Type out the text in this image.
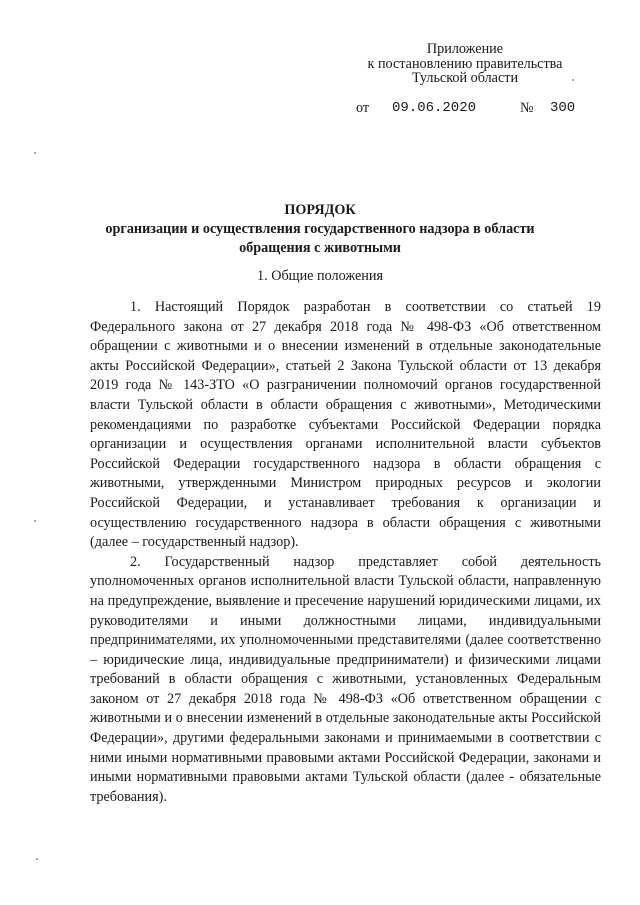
Приложение
к постановлению правительства
Тульской области
от 09.06.2020	№ 300
ПОРЯДОК
организации и осуществления государственного надзора в области
обращения с животными
1. Общие положения

1. Настоящий Порядок разработан в соответствии со статьей 19 Федерального закона от 27 декабря 2018 года № 498-ФЗ «Об ответственном обращении с животными и о внесении изменений в отдельные законодательные акты Российской Федерации», статьей 2 Закона Тульской области от 13 декабря 2019 года № 143-ЗТО «О разграничении полномочий органов государственной власти Тульской области в области обращения с животными», Методическими рекомендациями по разработке субъектами Российской Федерации порядка организации и осуществления органами исполнительной власти субъектов Российской Федерации государственного надзора в области обращения с животными, утвержденными Министром природных ресурсов и экологии Российской Федерации, и устанавливает требования к организации и осуществлению государственного надзора в области обращения с животными (далее – государственный надзор).

2. Государственный надзор представляет собой деятельность уполномоченных органов исполнительной власти Тульской области, направленную на предупреждение, выявление и пресечение нарушений юридическими лицами, их руководителями и иными должностными лицами, индивидуальными предпринимателями, их уполномоченными представителями (далее соответственно – юридические лица, индивидуальные предприниматели) и физическими лицами требований в области обращения с животными, установленных Федеральным законом от 27 декабря 2018 года № 498-ФЗ «Об ответственном обращении с животными и о внесении изменений в отдельные законодательные акты Российской Федерации», другими федеральными законами и принимаемыми в соответствии с ними иными нормативными правовыми актами Российской Федерации, законами и иными нормативными правовыми актами Тульской области (далее - обязательные требования).
